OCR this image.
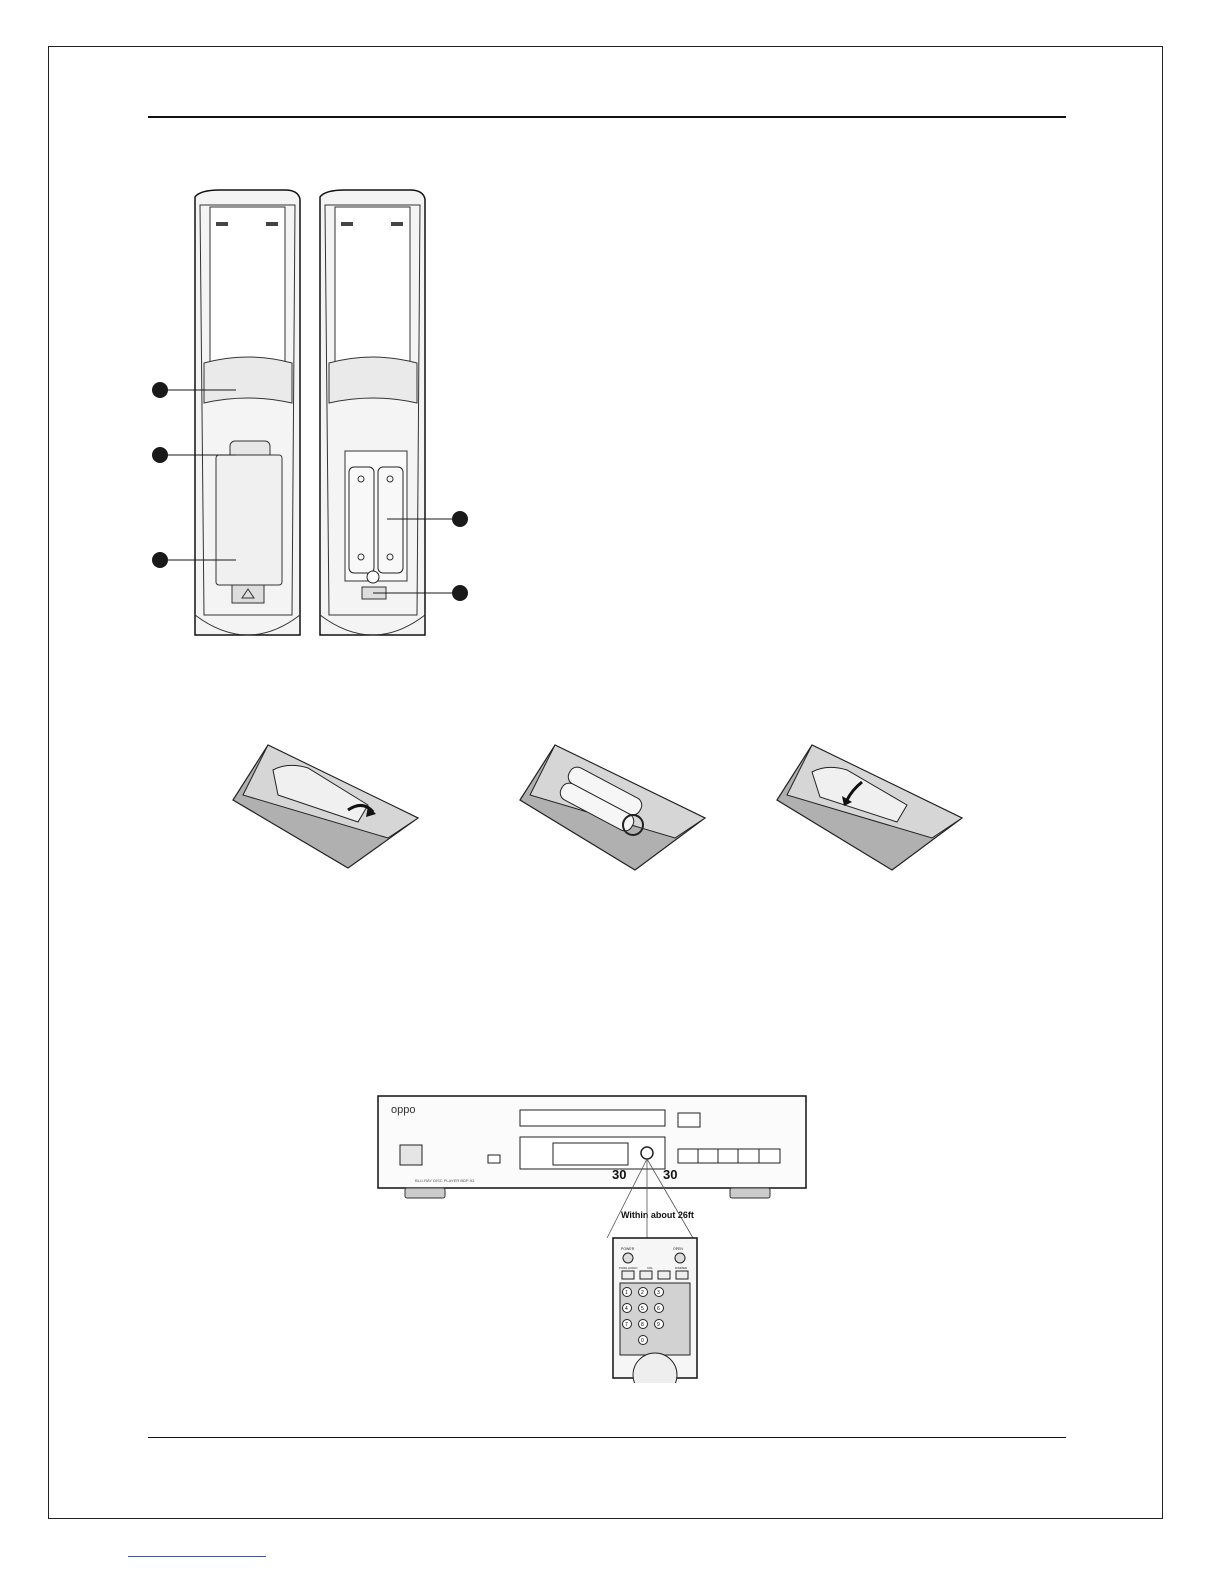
oppo
BLU-RAY DISC PLAYER BDP-93	30	30
Within about 26ft
POWER	OPEN
PURE AUDIO	VOL	DIMMER
1	2	3
4	5	6
7	8	9
0
